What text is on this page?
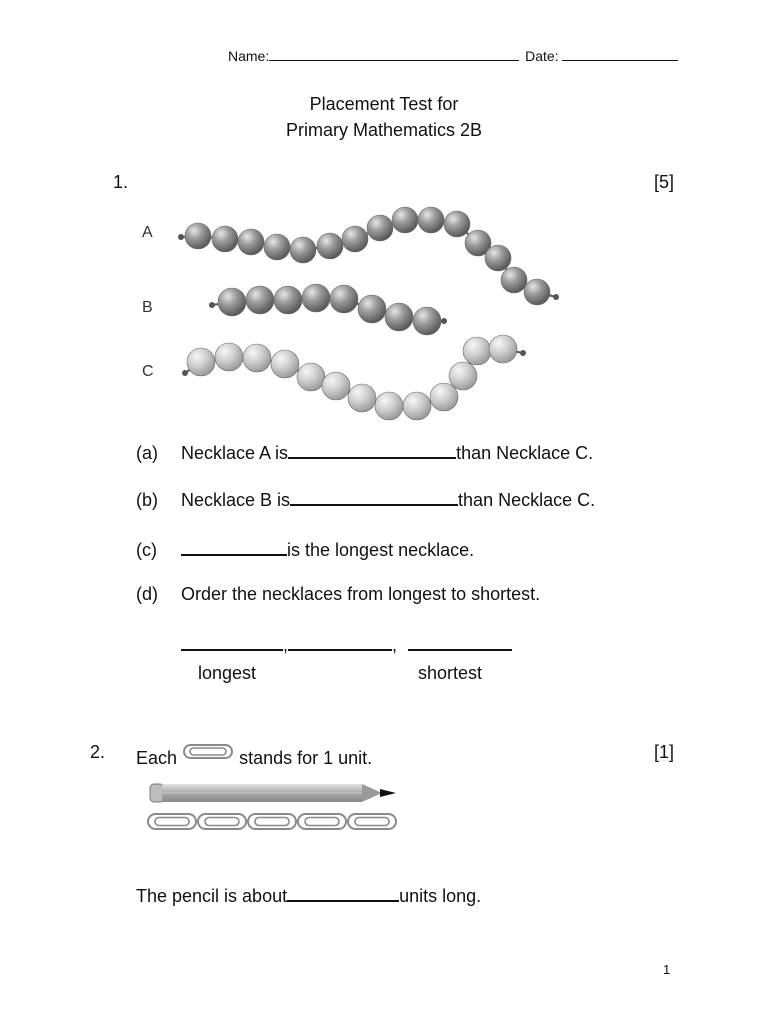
Name:	Date:
Placement Test for
Primary Mathematics 2B
1.	[5]
A
B
C
(a) Necklace A is	than Necklace C.
(b) Necklace B is	than Necklace C.
(c)	is the longest necklace.
(d) Order the necklaces from longest to shortest.
,	,
longest	shortest
2. Each	stands for 1 unit.	[1]
The pencil is about	units long.
1
